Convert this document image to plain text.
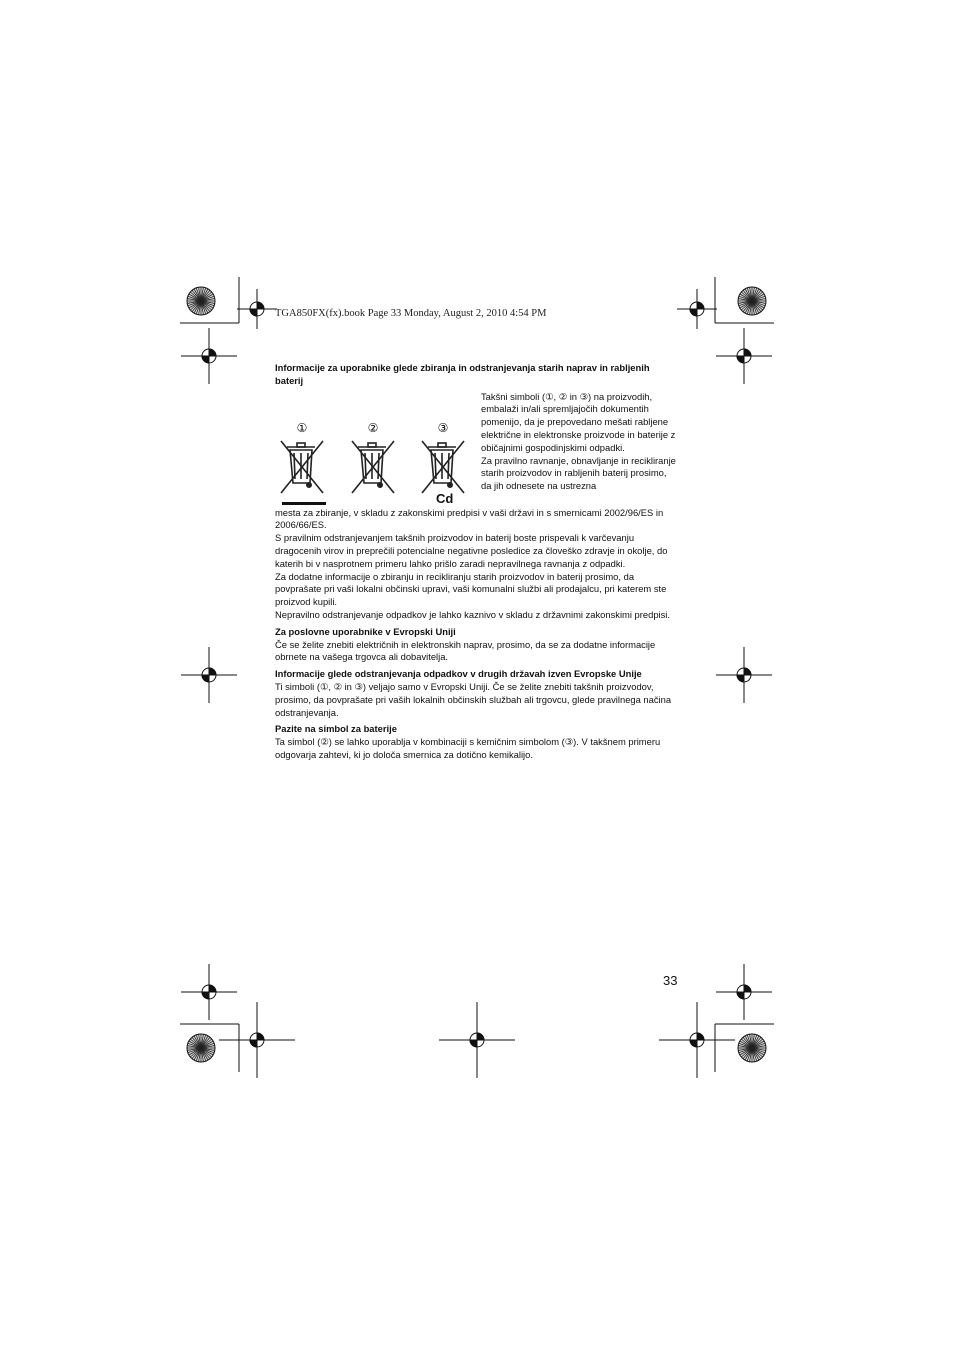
TGA850FX(fx).book Page 33 Monday, August 2, 2010 4:54 PM
Informacije za uporabnike glede zbiranja in odstranjevanja starih naprav in rabljenih baterij
①	②	③
Cd

Takšni simboli (①, ② in ③) na proizvodih, embalaži in/ali spremljajočih dokumentih pomenijo, da je prepovedano mešati rabljene električne in elektronske proizvode in baterije z običajnimi gospodinjskimi odpadki.

Za pravilno ravnanje, obnavljanje in recikliranje starih proizvodov in rabljenih baterij prosimo, da jih odnesete na ustrezna

mesta za zbiranje, v skladu z zakonskimi predpisi v vaši državi in s smernicami 2002/96/ES in 2006/66/ES.

S pravilnim odstranjevanjem takšnih proizvodov in baterij boste prispevali k varčevanju dragocenih virov in preprečili potencialne negativne posledice za človeško zdravje in okolje, do katerih bi v nasprotnem primeru lahko prišlo zaradi nepravilnega ravnanja z odpadki.

Za dodatne informacije o zbiranju in recikliranju starih proizvodov in baterij prosimo, da povprašate pri vaši lokalni občinski upravi, vaši komunalni službi ali prodajalcu, pri katerem ste proizvod kupili.

Nepravilno odstranjevanje odpadkov je lahko kaznivo v skladu z državnimi zakonskimi predpisi.

Za poslovne uporabnike v Evropski Uniji

Če se želite znebiti električnih in elektronskih naprav, prosimo, da se za dodatne informacije obrnete na vašega trgovca ali dobavitelja.

Informacije glede odstranjevanja odpadkov v drugih državah izven Evropske Unije

Ti simboli (①, ② in ③) veljajo samo v Evropski Uniji. Če se želite znebiti takšnih proizvodov, prosimo, da povprašate pri vaših lokalnih občinskih službah ali trgovcu, glede pravilnega načina odstranjevanja.

Pazite na simbol za baterije

Ta simbol (②) se lahko uporablja v kombinaciji s kemičnim simbolom (③). V takšnem primeru odgovarja zahtevi, ki jo določa smernica za dotično kemikalijo.

33
